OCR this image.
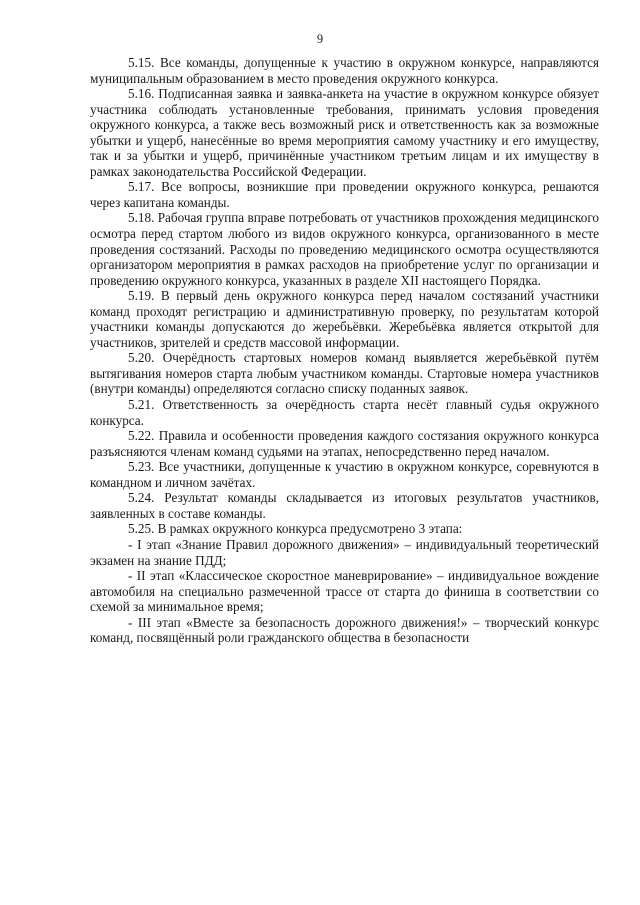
9

5.15. Все команды, допущенные к участию в окружном конкурсе, направляются муниципальным образованием в место проведения окружного конкурса.

5.16. Подписанная заявка и заявка-анкета на участие в окружном конкурсе обязует участника соблюдать установленные требования, принимать условия проведения окружного конкурса, а также весь возможный риск и ответственность как за возможные убытки и ущерб, нанесённые во время мероприятия самому участнику и его имуществу, так и за убытки и ущерб, причинённые участником третьим лицам и их имуществу в рамках законодательства Российской Федерации.

5.17. Все вопросы, возникшие при проведении окружного конкурса, решаются через капитана команды.

5.18. Рабочая группа вправе потребовать от участников прохождения медицинского осмотра перед стартом любого из видов окружного конкурса, организованного в месте проведения состязаний. Расходы по проведению медицинского осмотра осуществляются организатором мероприятия в рамках расходов на приобретение услуг по организации и проведению окружного конкурса, указанных в разделе XII настоящего Порядка.

5.19. В первый день окружного конкурса перед началом состязаний участники команд проходят регистрацию и административную проверку, по результатам которой участники команды допускаются до жеребьёвки. Жеребьёвка является открытой для участников, зрителей и средств массовой информации.

5.20. Очерёдность стартовых номеров команд выявляется жеребьёвкой путём вытягивания номеров старта любым участником команды. Стартовые номера участников (внутри команды) определяются согласно списку поданных заявок.

5.21. Ответственность за очерёдность старта несёт главный судья окружного конкурса.

5.22. Правила и особенности проведения каждого состязания окружного конкурса разъясняются членам команд судьями на этапах, непосредственно перед началом.

5.23. Все участники, допущенные к участию в окружном конкурсе, соревнуются в командном и личном зачётах.

5.24. Результат команды складывается из итоговых результатов участников, заявленных в составе команды.

5.25. В рамках окружного конкурса предусмотрено 3 этапа:

- I этап «Знание Правил дорожного движения» – индивидуальный теоретический экзамен на знание ПДД;

- II этап «Классическое скоростное маневрирование» – индивидуальное вождение автомобиля на специально размеченной трассе от старта до финиша в соответствии со схемой за минимальное время;

- III этап «Вместе за безопасность дорожного движения!» – творческий конкурс команд, посвящённый роли гражданского общества в безопасности
